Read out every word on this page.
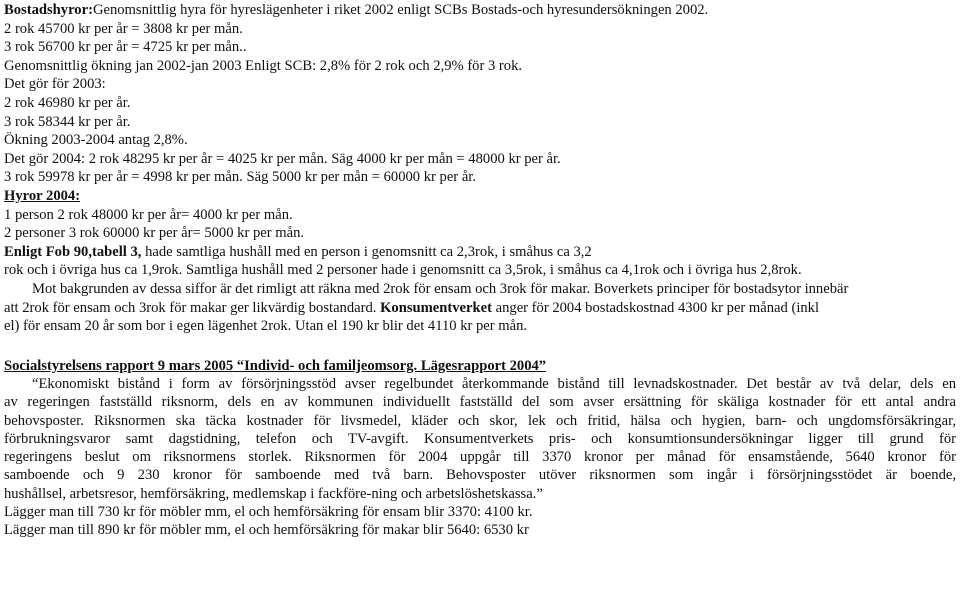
Bostadshyror:Genomsnittlig hyra för hyreslägenheter i riket 2002 enligt SCBs Bostads-och hyresundersökningen 2002.
2 rok 45700 kr per år = 3808 kr per mån.
3 rok 56700 kr per år = 4725 kr per mån..
Genomsnittlig ökning jan 2002-jan 2003 Enligt SCB: 2,8% för 2 rok och 2,9% för 3 rok.
Det gör för 2003:
2 rok 46980 kr per år.
3 rok 58344 kr per år.
Ökning 2003-2004 antag 2,8%.
Det gör 2004: 2 rok 48295 kr per år = 4025 kr per mån. Säg 4000 kr per mån = 48000 kr per år.
3 rok 59978 kr per år = 4998 kr per mån. Säg 5000 kr per mån = 60000 kr per år.
Hyror 2004:
1 person 2 rok 48000 kr per år= 4000 kr per mån.
2 personer 3 rok 60000 kr per år= 5000 kr per mån.
Enligt Fob 90,tabell 3, hade samtliga hushåll med en person i genomsnitt ca 2,3rok, i småhus ca 3,2
rok och i övriga hus ca 1,9rok. Samtliga hushåll med 2 personer hade i genomsnitt ca 3,5rok, i småhus ca 4,1rok och i övriga hus 2,8rok.
Mot bakgrunden av dessa siffor är det rimligt att räkna med 2rok för ensam och 3rok för makar. Boverkets principer för bostadsytor innebär
att 2rok för ensam och 3rok för makar ger likvärdig bostandard. Konsumentverket anger för 2004 bostadskostnad 4300 kr per månad (inkl
el) för ensam 20 år som bor i egen lägenhet 2rok. Utan el 190 kr blir det 4110 kr per mån.
Socialstyrelsens rapport 9 mars 2005 “Individ- och familjeomsorg. Lägesrapport 2004”
“Ekonomiskt bistånd i form av försörjningsstöd avser regelbundet återkommande bistånd till levnadskostnader. Det består av två delar, dels en
av regeringen fastställd riksnorm, dels en av kommunen individuellt fastställd del som avser ersättning för skäliga kostnader för ett antal andra
behovsposter. Riksnormen ska täcka kostnader för livsmedel, kläder och skor, lek och fritid, hälsa och hygien, barn- och ungdomsförsäkringar,
förbrukningsvaror samt dagstidning, telefon och TV-avgift. Konsumentverkets pris- och konsumtionsundersökningar ligger till grund för
regeringens beslut om riksnormens storlek. Riksnormen för 2004 uppgår till 3370 kronor per månad för ensamstående, 5640 kronor för
samboende och 9 230 kronor för samboende med två barn. Behovsposter utöver riksnormen som ingår i försörjningsstödet är boende,
hushållsel, arbetsresor, hemförsäkring, medlemskap i fackföre-ning och arbetslöshetskassa.”
Lägger man till 730 kr för möbler mm, el och hemförsäkring för ensam blir 3370: 4100 kr.
Lägger man till 890 kr för möbler mm, el och hemförsäkring för makar blir 5640: 6530 kr
